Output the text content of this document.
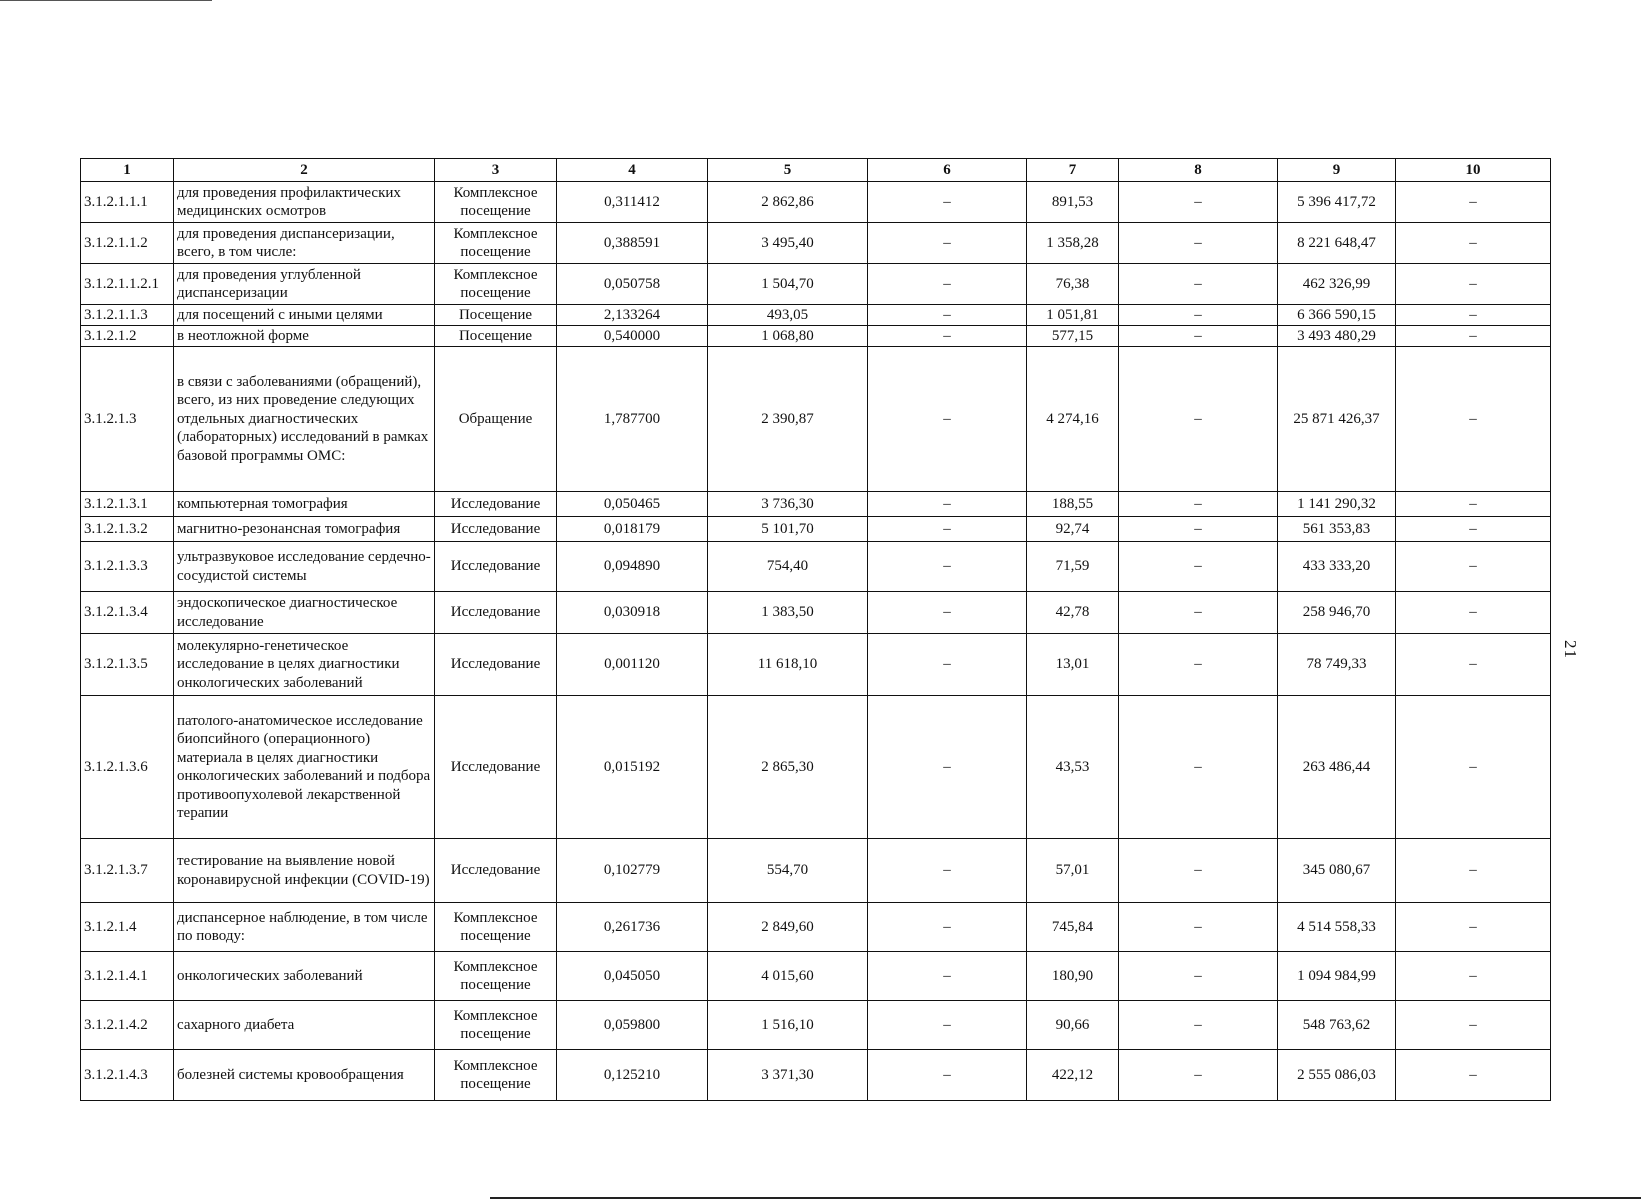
1	2	3	4	5	6	7	8	9	10
3.1.2.1.1.1	для проведения профилактических медицинских осмотров	Комплексное посещение	0,311412	2 862,86	–	891,53	–	5 396 417,72	–
3.1.2.1.1.2	для проведения диспансеризации, всего, в том числе:	Комплексное посещение	0,388591	3 495,40	–	1 358,28	–	8 221 648,47	–
3.1.2.1.1.2.1	для проведения углубленной диспансеризации	Комплексное посещение	0,050758	1 504,70	–	76,38	–	462 326,99	–
3.1.2.1.1.3	для посещений с иными целями	Посещение	2,133264	493,05	–	1 051,81	–	6 366 590,15	–
3.1.2.1.2	в неотложной форме	Посещение	0,540000	1 068,80	–	577,15	–	3 493 480,29	–
3.1.2.1.3	в связи с заболеваниями (обращений), всего, из них проведение следующих отдельных диагностических (лабораторных) исследований в рамках базовой программы ОМС:	Обращение	1,787700	2 390,87	–	4 274,16	–	25 871 426,37	–
3.1.2.1.3.1	компьютерная томография	Исследование	0,050465	3 736,30	–	188,55	–	1 141 290,32	–
3.1.2.1.3.2	магнитно-резонансная томография	Исследование	0,018179	5 101,70	–	92,74	–	561 353,83	–
3.1.2.1.3.3	ультразвуковое исследование сердечно-сосудистой системы	Исследование	0,094890	754,40	–	71,59	–	433 333,20	–
3.1.2.1.3.4	эндоскопическое диагностическое исследование	Исследование	0,030918	1 383,50	–	42,78	–	258 946,70	–
3.1.2.1.3.5	молекулярно-генетическое исследование в целях диагностики онкологических заболеваний	Исследование	0,001120	11 618,10	–	13,01	–	78 749,33	–
3.1.2.1.3.6	патолого-анатомическое исследование биопсийного (операционного) материала в целях диагностики онкологических заболеваний и подбора противоопухолевой лекарственной терапии	Исследование	0,015192	2 865,30	–	43,53	–	263 486,44	–
3.1.2.1.3.7	тестирование на выявление новой коронавирусной инфекции (COVID-19)	Исследование	0,102779	554,70	–	57,01	–	345 080,67	–
3.1.2.1.4	диспансерное наблюдение, в том числе по поводу:	Комплексное посещение	0,261736	2 849,60	–	745,84	–	4 514 558,33	–
3.1.2.1.4.1	онкологических заболеваний	Комплексное посещение	0,045050	4 015,60	–	180,90	–	1 094 984,99	–
3.1.2.1.4.2	сахарного диабета	Комплексное посещение	0,059800	1 516,10	–	90,66	–	548 763,62	–
3.1.2.1.4.3	болезней системы кровообращения	Комплексное посещение	0,125210	3 371,30	–	422,12	–	2 555 086,03	–
21
